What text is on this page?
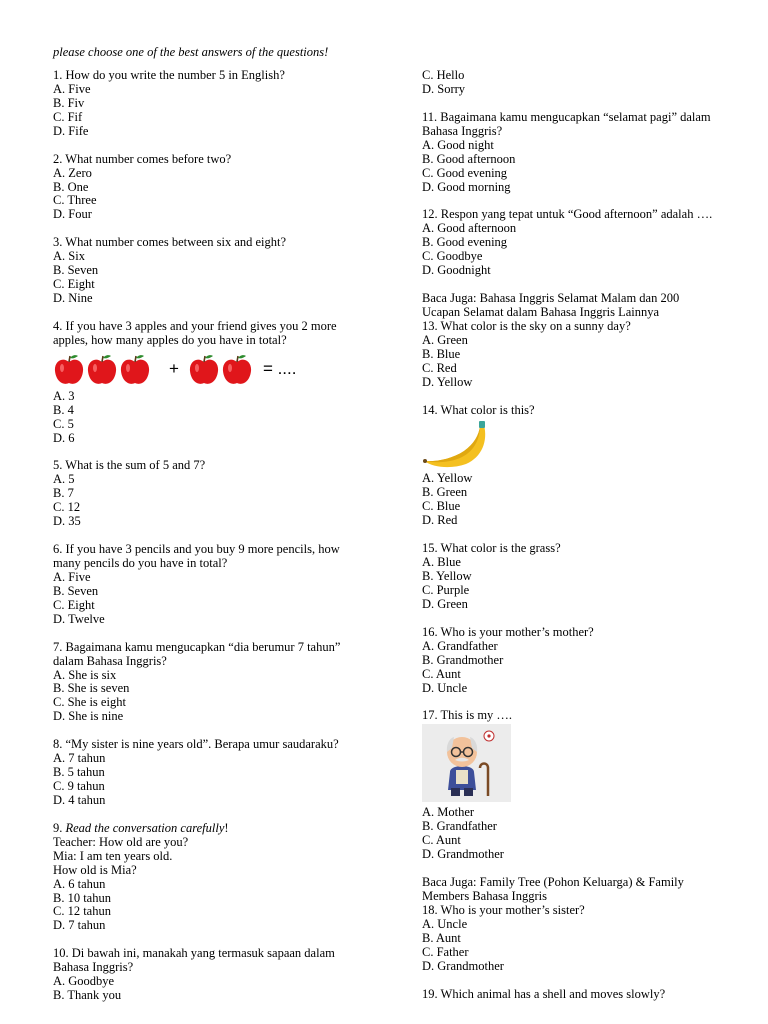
please choose one of the best answers of the questions!
1. How do you write the number 5 in English?
A. Five
B. Fiv
C. Fif
D. Fife
2. What number comes before two?
A. Zero
B. One
C. Three
D. Four
3. What number comes between six and eight?
A. Six
B. Seven
C. Eight
D. Nine
4. If you have 3 apples and your friend gives you 2 more
apples, how many apples do you have in total?
+	= ....
A. 3
B. 4
C. 5
D. 6
5. What is the sum of 5 and 7?
A. 5
B. 7
C. 12
D. 35
6. If you have 3 pencils and you buy 9 more pencils, how
many pencils do you have in total?
A. Five
B. Seven
C. Eight
D. Twelve
7. Bagaimana kamu mengucapkan “dia berumur 7 tahun”
dalam Bahasa Inggris?
A. She is six
B. She is seven
C. She is eight
D. She is nine
8. “My sister is nine years old”. Berapa umur saudaraku?
A. 7 tahun
B. 5 tahun
C. 9 tahun
D. 4 tahun
9. Read the conversation carefully!
Teacher: How old are you?
Mia: I am ten years old.
How old is Mia?
A. 6 tahun
B. 10 tahun
C. 12 tahun
D. 7 tahun
10. Di bawah ini, manakah yang termasuk sapaan dalam
Bahasa Inggris?
A. Goodbye
B. Thank you
C. Hello
D. Sorry
11. Bagaimana kamu mengucapkan “selamat pagi” dalam
Bahasa Inggris?
A. Good night
B. Good afternoon
C. Good evening
D. Good morning
12. Respon yang tepat untuk “Good afternoon” adalah ….
A. Good afternoon
B. Good evening
C. Goodbye
D. Goodnight
Baca Juga: Bahasa Inggris Selamat Malam dan 200
Ucapan Selamat dalam Bahasa Inggris Lainnya
13. What color is the sky on a sunny day?
A. Green
B. Blue
C. Red
D. Yellow
14. What color is this?
A. Yellow
B. Green
C. Blue
D. Red
15. What color is the grass?
A. Blue
B. Yellow
C. Purple
D. Green
16. Who is your mother’s mother?
A. Grandfather
B. Grandmother
C. Aunt
D. Uncle
17. This is my ….
A. Mother
B. Grandfather
C. Aunt
D. Grandmother
Baca Juga: Family Tree (Pohon Keluarga) & Family
Members Bahasa Inggris
18. Who is your mother’s sister?
A. Uncle
B. Aunt
C. Father
D. Grandmother
19. Which animal has a shell and moves slowly?
